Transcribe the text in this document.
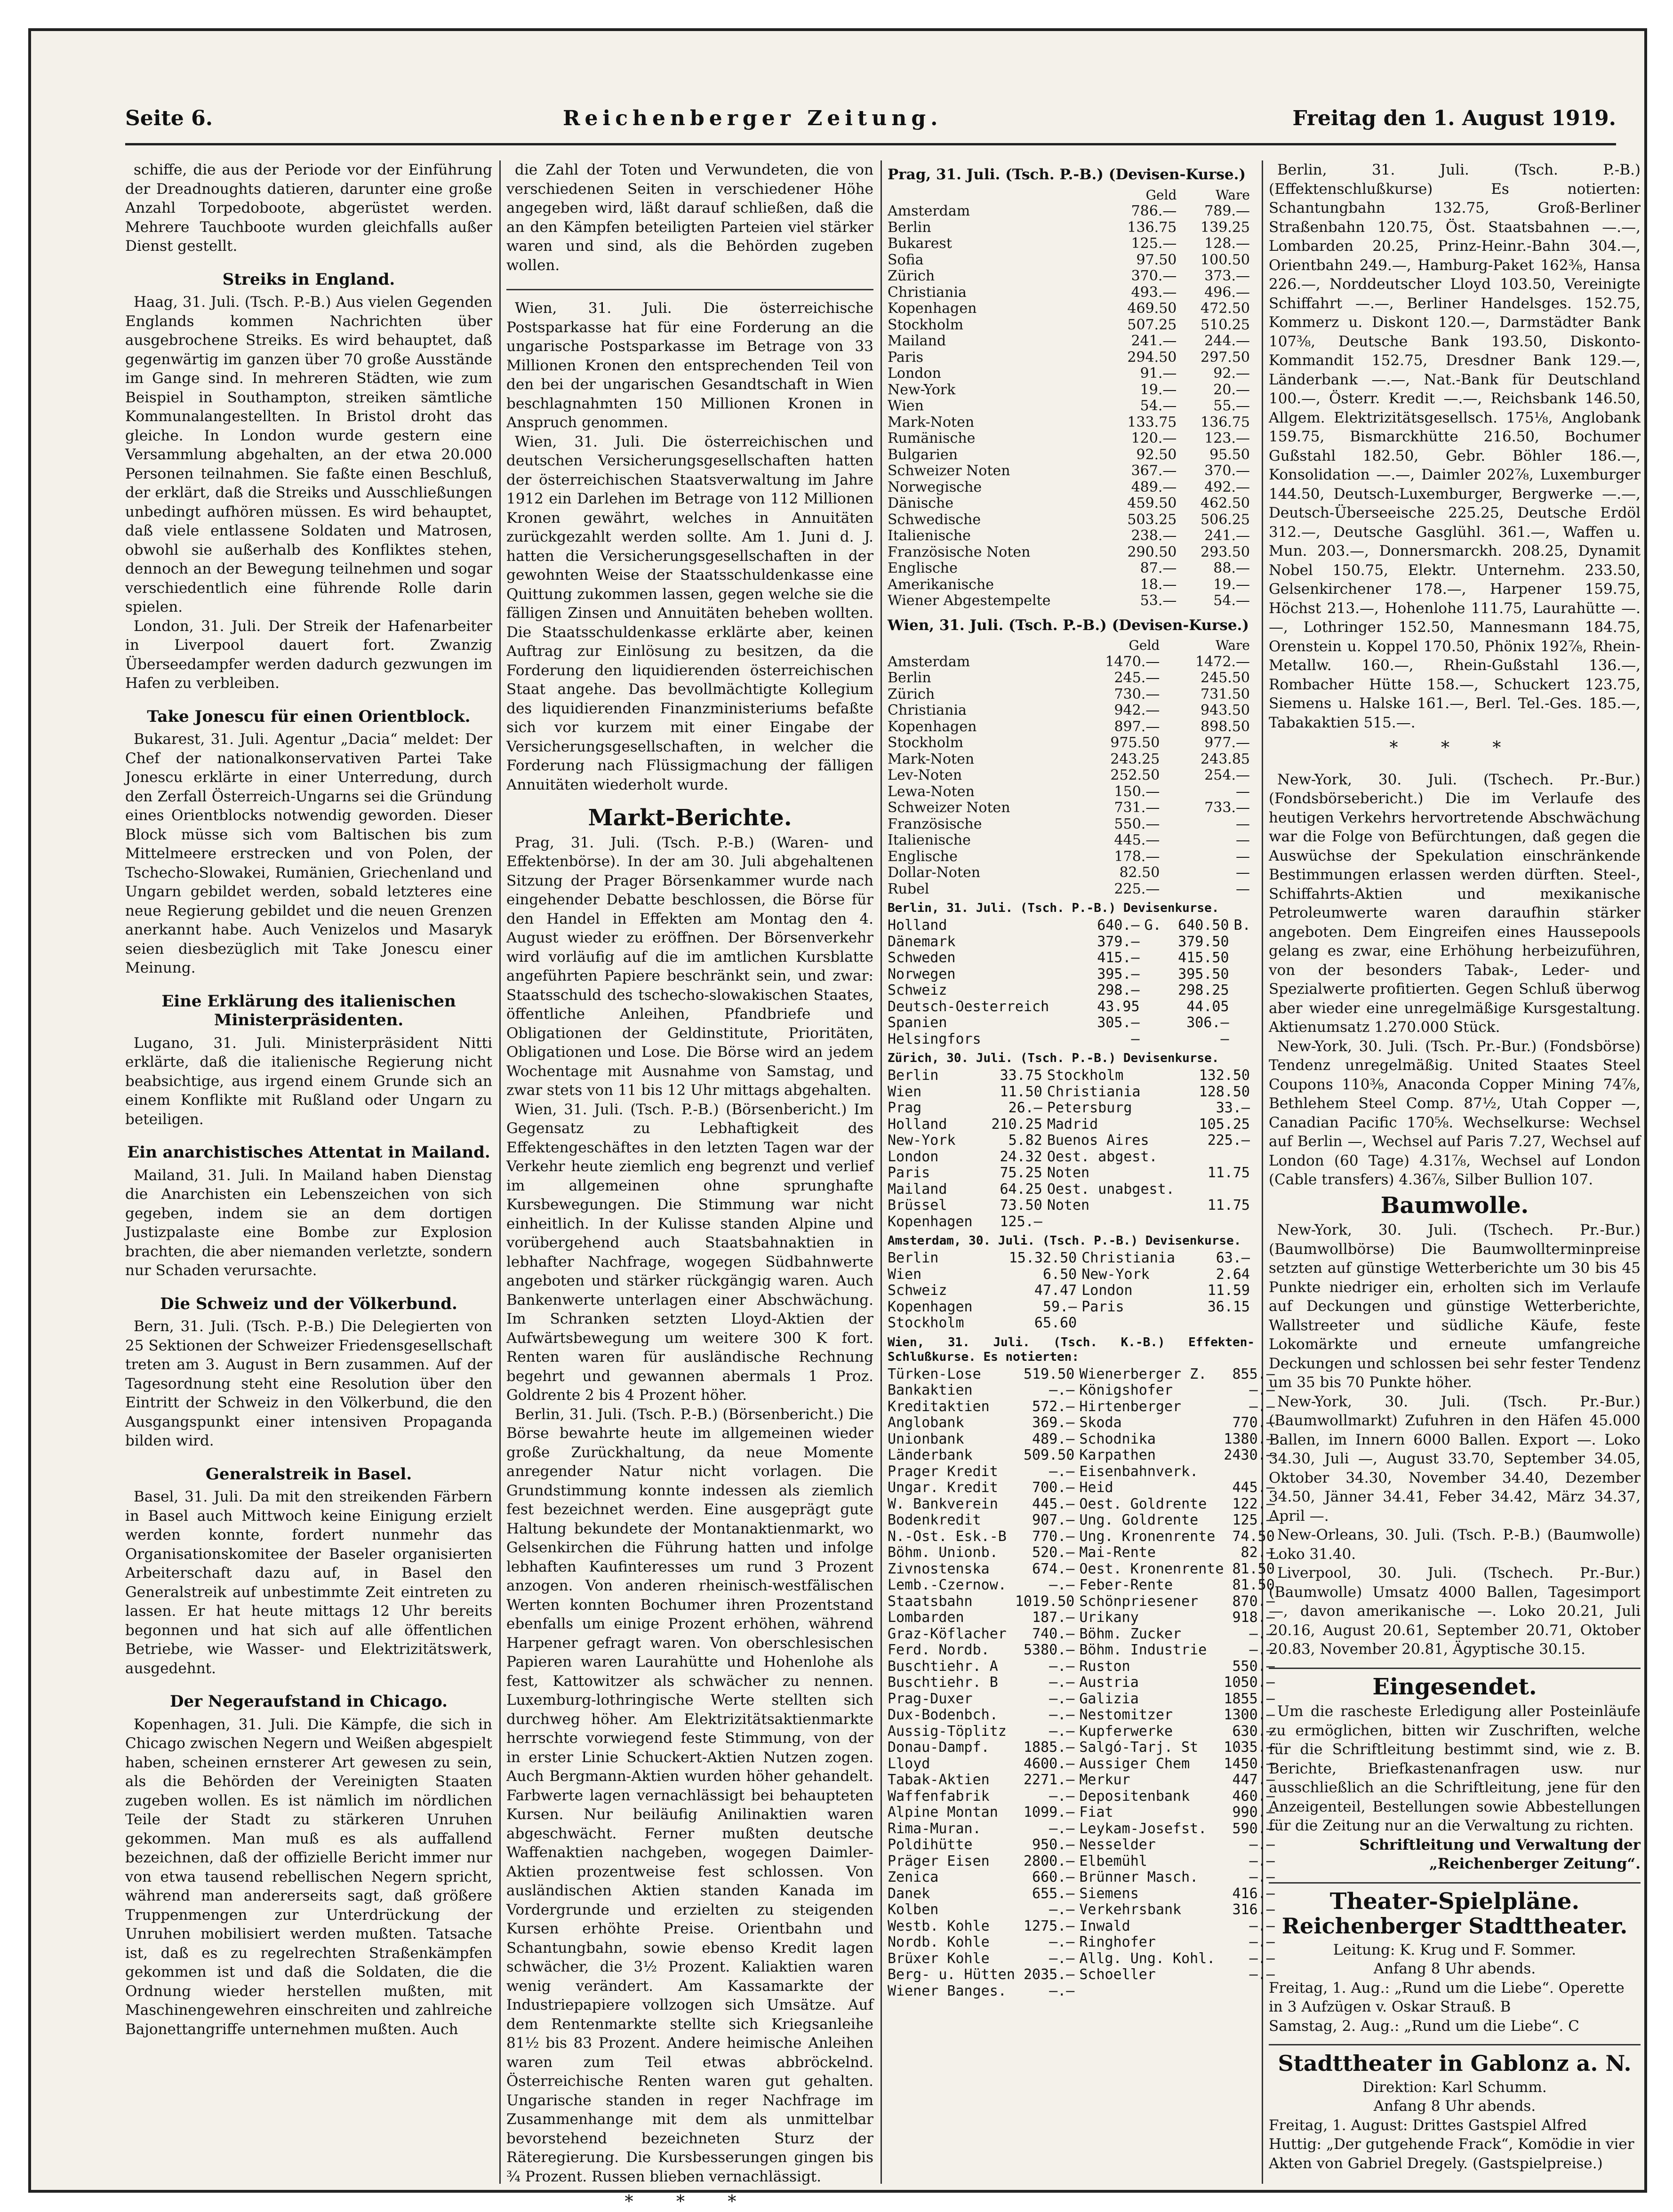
Seite 6.	Reichenberger Zeitung.	Freitag den 1. August 1919.

schiffe, die aus der Periode vor der Einführung der Dreadnoughts datieren, darunter eine große Anzahl Torpedoboote, abgerüstet werden. Mehrere Tauchboote wurden gleichfalls außer Dienst gestellt.

Streiks in England.

Haag, 31. Juli. (Tsch. P.-B.) Aus vielen Gegenden Englands kommen Nachrichten über ausgebrochene Streiks. Es wird behauptet, daß gegenwärtig im ganzen über 70 große Ausstände im Gange sind. In mehreren Städten, wie zum Beispiel in Southampton, streiken sämtliche Kommunalangestellten. In Bristol droht das gleiche. In London wurde gestern eine Versammlung abgehalten, an der etwa 20.000 Personen teilnahmen. Sie faßte einen Beschluß, der erklärt, daß die Streiks und Ausschließungen unbedingt aufhören müssen. Es wird behauptet, daß viele entlassene Soldaten und Matrosen, obwohl sie außerhalb des Konfliktes stehen, dennoch an der Bewegung teilnehmen und sogar verschiedentlich eine führende Rolle darin spielen.

London, 31. Juli. Der Streik der Hafenarbeiter in Liverpool dauert fort. Zwanzig Überseedampfer werden dadurch gezwungen im Hafen zu verbleiben.

Take Jonescu für einen Orientblock.

Bukarest, 31. Juli. Agentur „Dacia“ meldet: Der Chef der nationalkonservativen Partei Take Jonescu erklärte in einer Unterredung, durch den Zerfall Österreich-Ungarns sei die Gründung eines Orientblocks notwendig geworden. Dieser Block müsse sich vom Baltischen bis zum Mittelmeere erstrecken und von Polen, der Tschecho-Slowakei, Rumänien, Griechenland und Ungarn gebildet werden, sobald letzteres eine neue Regierung gebildet und die neuen Grenzen anerkannt habe. Auch Venizelos und Masaryk seien diesbezüglich mit Take Jonescu einer Meinung.

Eine Erklärung des italienischen Ministerpräsidenten.

Lugano, 31. Juli. Ministerpräsident Nitti erklärte, daß die italienische Regierung nicht beabsichtige, aus irgend einem Grunde sich an einem Konflikte mit Rußland oder Ungarn zu beteiligen.

Ein anarchistisches Attentat in Mailand.

Mailand, 31. Juli. In Mailand haben Dienstag die Anarchisten ein Lebenszeichen von sich gegeben, indem sie an dem dortigen Justizpalaste eine Bombe zur Explosion brachten, die aber niemanden verletzte, sondern nur Schaden verursachte.

Die Schweiz und der Völkerbund.

Bern, 31. Juli. (Tsch. P.-B.) Die Delegierten von 25 Sektionen der Schweizer Friedensgesellschaft treten am 3. August in Bern zusammen. Auf der Tagesordnung steht eine Resolution über den Eintritt der Schweiz in den Völkerbund, die den Ausgangspunkt einer intensiven Propaganda bilden wird.

Generalstreik in Basel.

Basel, 31. Juli. Da mit den streikenden Färbern in Basel auch Mittwoch keine Einigung erzielt werden konnte, fordert nunmehr das Organisationskomitee der Baseler organisierten Arbeiterschaft dazu auf, in Basel den Generalstreik auf unbestimmte Zeit eintreten zu lassen. Er hat heute mittags 12 Uhr bereits begonnen und hat sich auf alle öffentlichen Betriebe, wie Wasser- und Elektrizitätswerk, ausgedehnt.

Der Negeraufstand in Chicago.

Kopenhagen, 31. Juli. Die Kämpfe, die sich in Chicago zwischen Negern und Weißen abgespielt haben, scheinen ernsterer Art gewesen zu sein, als die Behörden der Vereinigten Staaten zugeben wollen. Es ist nämlich im nördlichen Teile der Stadt zu stärkeren Unruhen gekommen. Man muß es als auffallend bezeichnen, daß der offizielle Bericht immer nur von etwa tausend rebellischen Negern spricht, während man andererseits sagt, daß größere Truppenmengen zur Unterdrückung der Unruhen mobilisiert werden mußten. Tatsache ist, daß es zu regelrechten Straßenkämpfen gekommen ist und daß die Soldaten, die die Ordnung wieder herstellen mußten, mit Maschinengewehren einschreiten und zahlreiche Bajonettangriffe unternehmen mußten. Auch

die Zahl der Toten und Verwundeten, die von verschiedenen Seiten in verschiedener Höhe angegeben wird, läßt darauf schließen, daß die an den Kämpfen beteiligten Parteien viel stärker waren und sind, als die Behörden zugeben wollen.

Wien, 31. Juli. Die österreichische Postsparkasse hat für eine Forderung an die ungarische Postsparkasse im Betrage von 33 Millionen Kronen den entsprechenden Teil von den bei der ungarischen Gesandtschaft in Wien beschlagnahmten 150 Millionen Kronen in Anspruch genommen.

Wien, 31. Juli. Die österreichischen und deutschen Versicherungsgesellschaften hatten der österreichischen Staatsverwaltung im Jahre 1912 ein Darlehen im Betrage von 112 Millionen Kronen gewährt, welches in Annuitäten zurückgezahlt werden sollte. Am 1. Juni d. J. hatten die Versicherungsgesellschaften in der gewohnten Weise der Staatsschuldenkasse eine Quittung zukommen lassen, gegen welche sie die fälligen Zinsen und Annuitäten beheben wollten. Die Staatsschuldenkasse erklärte aber, keinen Auftrag zur Einlösung zu besitzen, da die Forderung den liquidierenden österreichischen Staat angehe. Das bevollmächtigte Kollegium des liquidierenden Finanzministeriums befaßte sich vor kurzem mit einer Eingabe der Versicherungsgesellschaften, in welcher die Forderung nach Flüssigmachung der fälligen Annuitäten wiederholt wurde.

Markt-Berichte.

Prag, 31. Juli. (Tsch. P.-B.) (Waren- und Effektenbörse). In der am 30. Juli abgehaltenen Sitzung der Prager Börsenkammer wurde nach eingehender Debatte beschlossen, die Börse für den Handel in Effekten am Montag den 4. August wieder zu eröffnen. Der Börsenverkehr wird vorläufig auf die im amtlichen Kursblatte angeführten Papiere beschränkt sein, und zwar: Staatsschuld des tschecho-slowakischen Staates, öffentliche Anleihen, Pfandbriefe und Obligationen der Geldinstitute, Prioritäten, Obligationen und Lose. Die Börse wird an jedem Wochentage mit Ausnahme von Samstag, und zwar stets von 11 bis 12 Uhr mittags abgehalten.

Wien, 31. Juli. (Tsch. P.-B.) (Börsenbericht.) Im Gegensatz zu Lebhaftigkeit des Effektengeschäftes in den letzten Tagen war der Verkehr heute ziemlich eng begrenzt und verlief im allgemeinen ohne sprunghafte Kursbewegungen. Die Stimmung war nicht einheitlich. In der Kulisse standen Alpine und vorübergehend auch Staatsbahnaktien in lebhafter Nachfrage, wogegen Südbahnwerte angeboten und stärker rückgängig waren. Auch Bankenwerte unterlagen einer Abschwächung. Im Schranken setzten Lloyd-Aktien der Aufwärtsbewegung um weitere 300 K fort. Renten waren für ausländische Rechnung begehrt und gewannen abermals 1 Proz. Goldrente 2 bis 4 Prozent höher.

Berlin, 31. Juli. (Tsch. P.-B.) (Börsenbericht.) Die Börse bewahrte heute im allgemeinen wieder große Zurückhaltung, da neue Momente anregender Natur nicht vorlagen. Die Grundstimmung konnte indessen als ziemlich fest bezeichnet werden. Eine ausgeprägt gute Haltung bekundete der Montanaktienmarkt, wo Gelsenkirchen die Führung hatten und infolge lebhaften Kaufinteresses um rund 3 Prozent anzogen. Von anderen rheinisch-westfälischen Werten konnten Bochumer ihren Prozentstand ebenfalls um einige Prozent erhöhen, während Harpener gefragt waren. Von oberschlesischen Papieren waren Laurahütte und Hohenlohe als fest, Kattowitzer als schwächer zu nennen. Luxemburg-lothringische Werte stellten sich durchweg höher. Am Elektrizitätsaktienmarkte herrschte vorwiegend feste Stimmung, von der in erster Linie Schuckert-Aktien Nutzen zogen. Auch Bergmann-Aktien wurden höher gehandelt. Farbwerte lagen vernachlässigt bei behaupteten Kursen. Nur beiläufig Anilinaktien waren abgeschwächt. Ferner mußten deutsche Waffenaktien nachgeben, wogegen Daimler-Aktien prozentweise fest schlossen. Von ausländischen Aktien standen Kanada im Vordergrunde und erzielten zu steigenden Kursen erhöhte Preise. Orientbahn und Schantungbahn, sowie ebenso Kredit lagen schwächer, die 3½ Prozent. Kaliaktien waren wenig verändert. Am Kassamarkte der Industriepapiere vollzogen sich Umsätze. Auf dem Rentenmarkte stellte sich Kriegsanleihe 81½ bis 83 Prozent. Andere heimische Anleihen waren zum Teil etwas abbröckelnd. Österreichische Renten waren gut gehalten. Ungarische standen in reger Nachfrage im Zusammenhange mit dem als unmittelbar bevorstehend bezeichneten Sturz der Räteregierung. Die Kursbesserungen gingen bis ¾ Prozent. Russen blieben vernachlässigt.

* * *
Prag, 31. Juli. (Tsch. P.-B.) (Devisen-Kurse.)
	Geld	Ware
Amsterdam	786.—	789.—
Berlin	136.75	139.25
Bukarest	125.—	128.—
Sofia	97.50	100.50
Zürich	370.—	373.—
Christiania	493.—	496.—
Kopenhagen	469.50	472.50
Stockholm	507.25	510.25
Mailand	241.—	244.—
Paris	294.50	297.50
London	91.—	92.—
New-York	19.—	20.—
Wien	54.—	55.—
Mark-Noten	133.75	136.75
Rumänische	120.—	123.—
Bulgarien	92.50	95.50
Schweizer Noten	367.—	370.—
Norwegische	489.—	492.—
Dänische	459.50	462.50
Schwedische	503.25	506.25
Italienische	238.—	241.—
Französische Noten	290.50	293.50
Englische	87.—	88.—
Amerikanische	18.—	19.—
Wiener Abgestempelte	53.—	54.—
Wien, 31. Juli. (Tsch. P.-B.) (Devisen-Kurse.)
	Geld	Ware
Amsterdam	1470.—	1472.—
Berlin	245.—	245.50
Zürich	730.—	731.50
Christiania	942.—	943.50
Kopenhagen	897.—	898.50
Stockholm	975.50	977.—
Mark-Noten	243.25	243.85
Lev-Noten	252.50	254.—
Lewa-Noten	150.—	—
Schweizer Noten	731.—	733.—
Französische	550.—	—
Italienische	445.—	—
Englische	178.—	—
Dollar-Noten	82.50	—
Rubel	225.—	—
Berlin, 31. Juli. (Tsch. P.-B.) Devisenkurse.
Holland	640.—	G.	640.50	B.
Dänemark	379.—		379.50	
Schweden	415.—		415.50	
Norwegen	395.—		395.50	
Schweiz	298.—		298.25	
Deutsch-Oesterreich	43.95		44.05	
Spanien	305.—		306.—	
Helsingfors	—		—	
Zürich, 30. Juli. (Tsch. P.-B.) Devisenkurse.
Berlin	33.75	Stockholm	132.50
Wien	11.50	Christiania	128.50
Prag	26.—	Petersburg	33.—
Holland	210.25	Madrid	105.25
New-York	5.82	Buenos Aires	225.—
London	24.32	Oest. abgest.	
Paris	75.25	Noten	11.75
Mailand	64.25	Oest. unabgest.	
Brüssel	73.50	Noten	11.75
Kopenhagen	125.—		
Amsterdam, 30. Juli. (Tsch. P.-B.) Devisenkurse.
Berlin	15.32.50	Christiania	63.—
Wien	6.50	New-York	2.64
Schweiz	47.47	London	11.59
Kopenhagen	59.—	Paris	36.15
Stockholm	65.60		
Wien, 31. Juli. (Tsch. K.-B.) Effekten-Schlußkurse. Es notierten:
Türken-Lose	519.50	Wienerberger Z.	855.—
Bankaktien	—.—	Königshofer	—.—
Kreditaktien	572.—	Hirtenberger	—.—
Anglobank	369.—	Skoda	770.—
Unionbank	489.—	Schodnika	1380.—
Länderbank	509.50	Karpathen	2430.—
Prager Kredit	—.—	Eisenbahnverk.	
Ungar. Kredit	700.—	Heid	445.—
W. Bankverein	445.—	Oest. Goldrente	122.—
Bodenkredit	907.—	Ung. Goldrente	125.—
N.-Ost. Esk.-B	770.—	Ung. Kronenrente	74.50
Böhm. Unionb.	520.—	Mai-Rente	82.—
Zivnostenska	674.—	Oest. Kronenrente	81.50
Lemb.-Czernow.	—.—	Feber-Rente	81.50
Staatsbahn	1019.50	Schönpriesener	870.—
Lombarden	187.—	Urikany	918.—
Graz-Köflacher	740.—	Böhm. Zucker	—.—
Ferd. Nordb.	5380.—	Böhm. Industrie	—.—
Buschtiehr. A	—.—	Ruston	550.—
Buschtiehr. B	—.—	Austria	1050.—
Prag-Duxer	—.—	Galizia	1855.—
Dux-Bodenbch.	—.—	Nestomitzer	1300.—
Aussig-Töplitz	—.—	Kupferwerke	630.—
Donau-Dampf.	1885.—	Salgó-Tarj. St	1035.—
Lloyd	4600.—	Aussiger Chem	1450.—
Tabak-Aktien	2271.—	Merkur	447.—
Waffenfabrik	—.—	Depositenbank	460.—
Alpine Montan	1099.—	Fiat	990.—
Rima-Muran.	—.—	Leykam-Josefst.	590.—
Poldihütte	950.—	Nesselder	—.—
Präger Eisen	2800.—	Elbemühl	—.—
Zenica	660.—	Brünner Masch.	—.—
Danek	655.—	Siemens	416.—
Kolben	—.—	Verkehrsbank	316.—
Westb. Kohle	1275.—	Inwald	—.—
Nordb. Kohle	—.—	Ringhofer	—.—
Brüxer Kohle	—.—	Allg. Ung. Kohl.	—.—
Berg- u. Hütten	2035.—	Schoeller	—.—
Wiener Banges.	—.—		

Berlin, 31. Juli. (Tsch. P.-B.) (Effektenschlußkurse) Es notierten: Schantungbahn 132.75, Groß-Berliner Straßenbahn 120.75, Öst. Staatsbahnen —.—, Lombarden 20.25, Prinz-Heinr.-Bahn 304.—, Orientbahn 249.—, Hamburg-Paket 162⅜, Hansa 226.—, Norddeutscher Lloyd 103.50, Vereinigte Schiffahrt —.—, Berliner Handelsges. 152.75, Kommerz u. Diskont 120.—, Darmstädter Bank 107⅜, Deutsche Bank 193.50, Diskonto-Kommandit 152.75, Dresdner Bank 129.—, Länderbank —.—, Nat.-Bank für Deutschland 100.—, Österr. Kredit —.—, Reichsbank 146.50, Allgem. Elektrizitätsgesellsch. 175⅛, Anglobank 159.75, Bismarckhütte 216.50, Bochumer Gußstahl 182.50, Gebr. Böhler 186.—, Konsolidation —.—, Daimler 202⅞, Luxemburger 144.50, Deutsch-Luxemburger, Bergwerke —.—, Deutsch-Überseeische 225.25, Deutsche Erdöl 312.—, Deutsche Gasglühl. 361.—, Waffen u. Mun. 203.—, Donnersmarckh. 208.25, Dynamit Nobel 150.75, Elektr. Unternehm. 233.50, Gelsenkirchener 178.—, Harpener 159.75, Höchst 213.—, Hohenlohe 111.75, Laurahütte —.—, Lothringer 152.50, Mannesmann 184.75, Orenstein u. Koppel 170.50, Phönix 192⅞, Rhein-Metallw. 160.—, Rhein-Gußstahl 136.—, Rombacher Hütte 158.—, Schuckert 123.75, Siemens u. Halske 161.—, Berl. Tel.-Ges. 185.—, Tabakaktien 515.—.

* * *

New-York, 30. Juli. (Tschech. Pr.-Bur.) (Fondsbörsebericht.) Die im Verlaufe des heutigen Verkehrs hervortretende Abschwächung war die Folge von Befürchtungen, daß gegen die Auswüchse der Spekulation einschränkende Bestimmungen erlassen werden dürften. Steel-, Schiffahrts-Aktien und mexikanische Petroleumwerte waren daraufhin stärker angeboten. Dem Eingreifen eines Haussepools gelang es zwar, eine Erhöhung herbeizuführen, von der besonders Tabak-, Leder- und Spezialwerte profitierten. Gegen Schluß überwog aber wieder eine unregelmäßige Kursgestaltung. Aktienumsatz 1.270.000 Stück.

New-York, 30. Juli. (Tsch. Pr.-Bur.) (Fondsbörse) Tendenz unregelmäßig. United Staates Steel Coupons 110⅜, Anaconda Copper Mining 74⅞, Bethlehem Steel Comp. 87½, Utah Copper —, Canadian Pacific 170⅝. Wechselkurse: Wechsel auf Berlin —, Wechsel auf Paris 7.27, Wechsel auf London (60 Tage) 4.31⅞, Wechsel auf London (Cable transfers) 4.36⅞, Silber Bullion 107.

Baumwolle.

New-York, 30. Juli. (Tschech. Pr.-Bur.) (Baumwollbörse) Die Baumwollterminpreise setzten auf günstige Wetterberichte um 30 bis 45 Punkte niedriger ein, erholten sich im Verlaufe auf Deckungen und günstige Wetterberichte, Wallstreeter und südliche Käufe, feste Lokomärkte und erneute umfangreiche Deckungen und schlossen bei sehr fester Tendenz um 35 bis 70 Punkte höher.

New-York, 30. Juli. (Tsch. Pr.-Bur.) (Baumwollmarkt) Zufuhren in den Häfen 45.000 Ballen, im Innern 6000 Ballen. Export —. Loko 34.30, Juli —, August 33.70, September 34.05, Oktober 34.30, November 34.40, Dezember 34.50, Jänner 34.41, Feber 34.42, März 34.37, April —.

New-Orleans, 30. Juli. (Tsch. P.-B.) (Baumwolle) Loko 31.40.

Liverpool, 30. Juli. (Tschech. Pr.-Bur.) (Baumwolle) Umsatz 4000 Ballen, Tagesimport —, davon amerikanische —. Loko 20.21, Juli 20.16, August 20.61, September 20.71, Oktober 20.83, November 20.81, Ägyptische 30.15.

Eingesendet.

Um die rascheste Erledigung aller Posteinläufe zu ermöglichen, bitten wir Zuschriften, welche für die Schriftleitung bestimmt sind, wie z. B. Berichte, Briefkastenanfragen usw. nur ausschließlich an die Schriftleitung, jene für den Anzeigenteil, Bestellungen sowie Abbestellungen für die Zeitung nur an die Verwaltung zu richten.

Schriftleitung und Verwaltung der „Reichenberger Zeitung“.

Theater-Spielpläne.
Reichenberger Stadttheater.

Leitung: K. Krug und F. Sommer.

Anfang 8 Uhr abends.

Freitag, 1. Aug.: „Rund um die Liebe“. Operette in 3 Aufzügen v. Oskar Strauß. B

Samstag, 2. Aug.: „Rund um die Liebe“. C

Stadttheater in Gablonz a. N.

Direktion: Karl Schumm.

Anfang 8 Uhr abends.

Freitag, 1. August: Drittes Gastspiel Alfred Huttig: „Der gutgehende Frack“, Komödie in vier Akten von Gabriel Dregely. (Gastspielpreise.)
